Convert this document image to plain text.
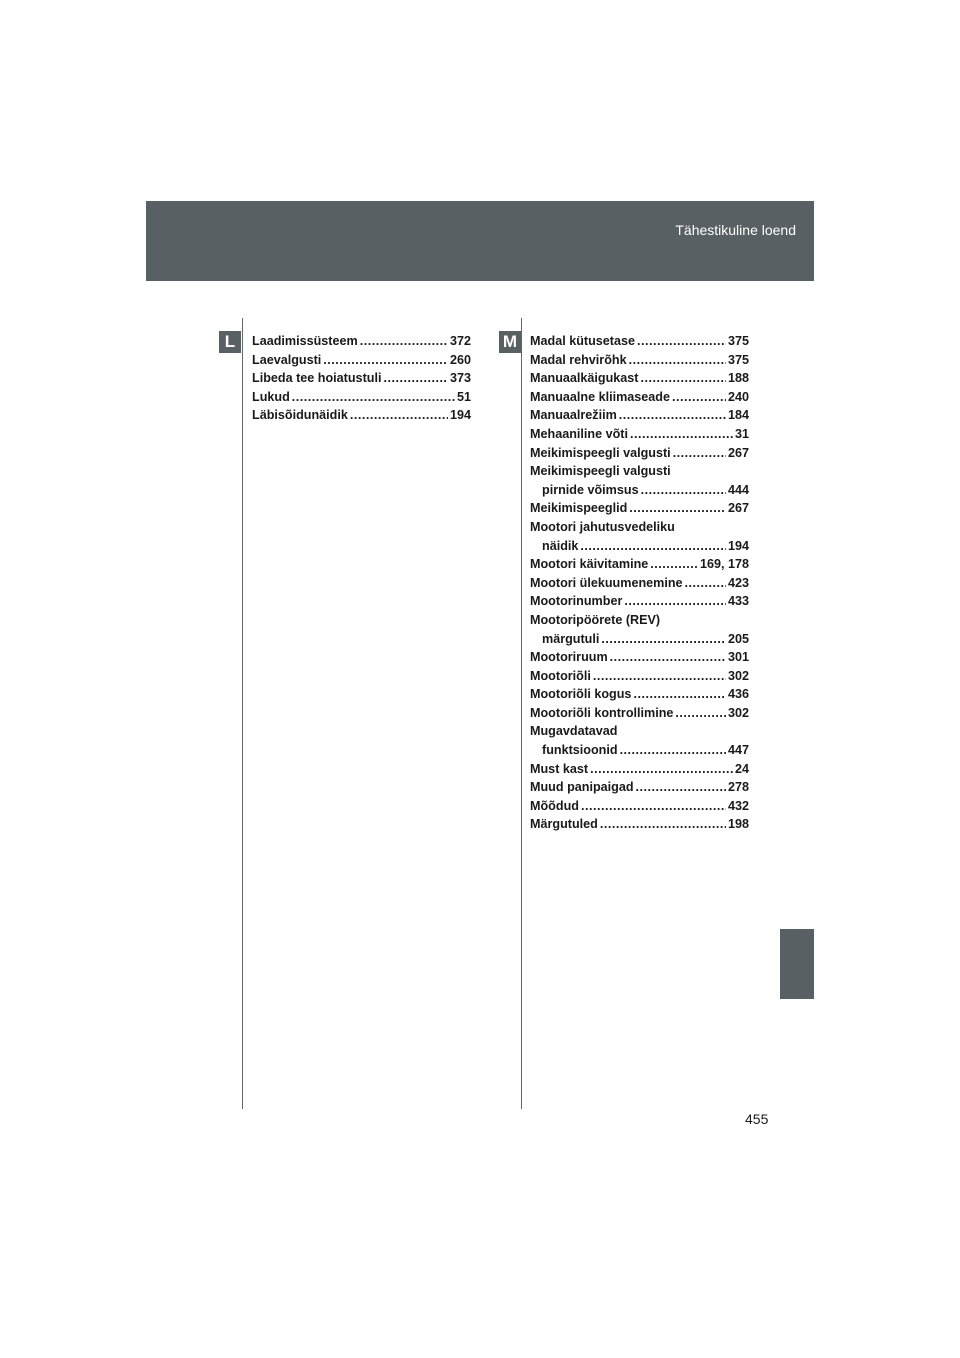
Tähestikuline loend
L	M
Laadimissüsteem .....	372
Laevalgusti .....	260
Libeda tee hoiatustuli .....	373
Lukud .....	51
Läbisõidunäidik .....	194
Madal kütusetase .....	375
Madal rehvirõhk .....	375
Manuaalkäigukast .....	188
Manuaalne kliimaseade .....	240
Manuaalrežiim .....	184
Mehaaniline võti .....	31
Meikimispeegli valgusti .....	267
Meikimispeegli valgusti
pirnide võimsus .....	444
Meikimispeeglid .....	267
Mootori jahutusvedeliku
näidik .....	194
Mootori käivitamine .....	169, 178
Mootori ülekuumenemine .....	423
Mootorinumber .....	433
Mootoripöörete (REV)
märgutuli .....	205
Mootoriruum .....	301
Mootoriõli .....	302
Mootoriõli kogus .....	436
Mootoriõli kontrollimine .....	302
Mugavdatavad
funktsioonid .....	447
Must kast .....	24
Muud panipaigad .....	278
Mõõdud .....	432
Märgutuled .....	198
455
